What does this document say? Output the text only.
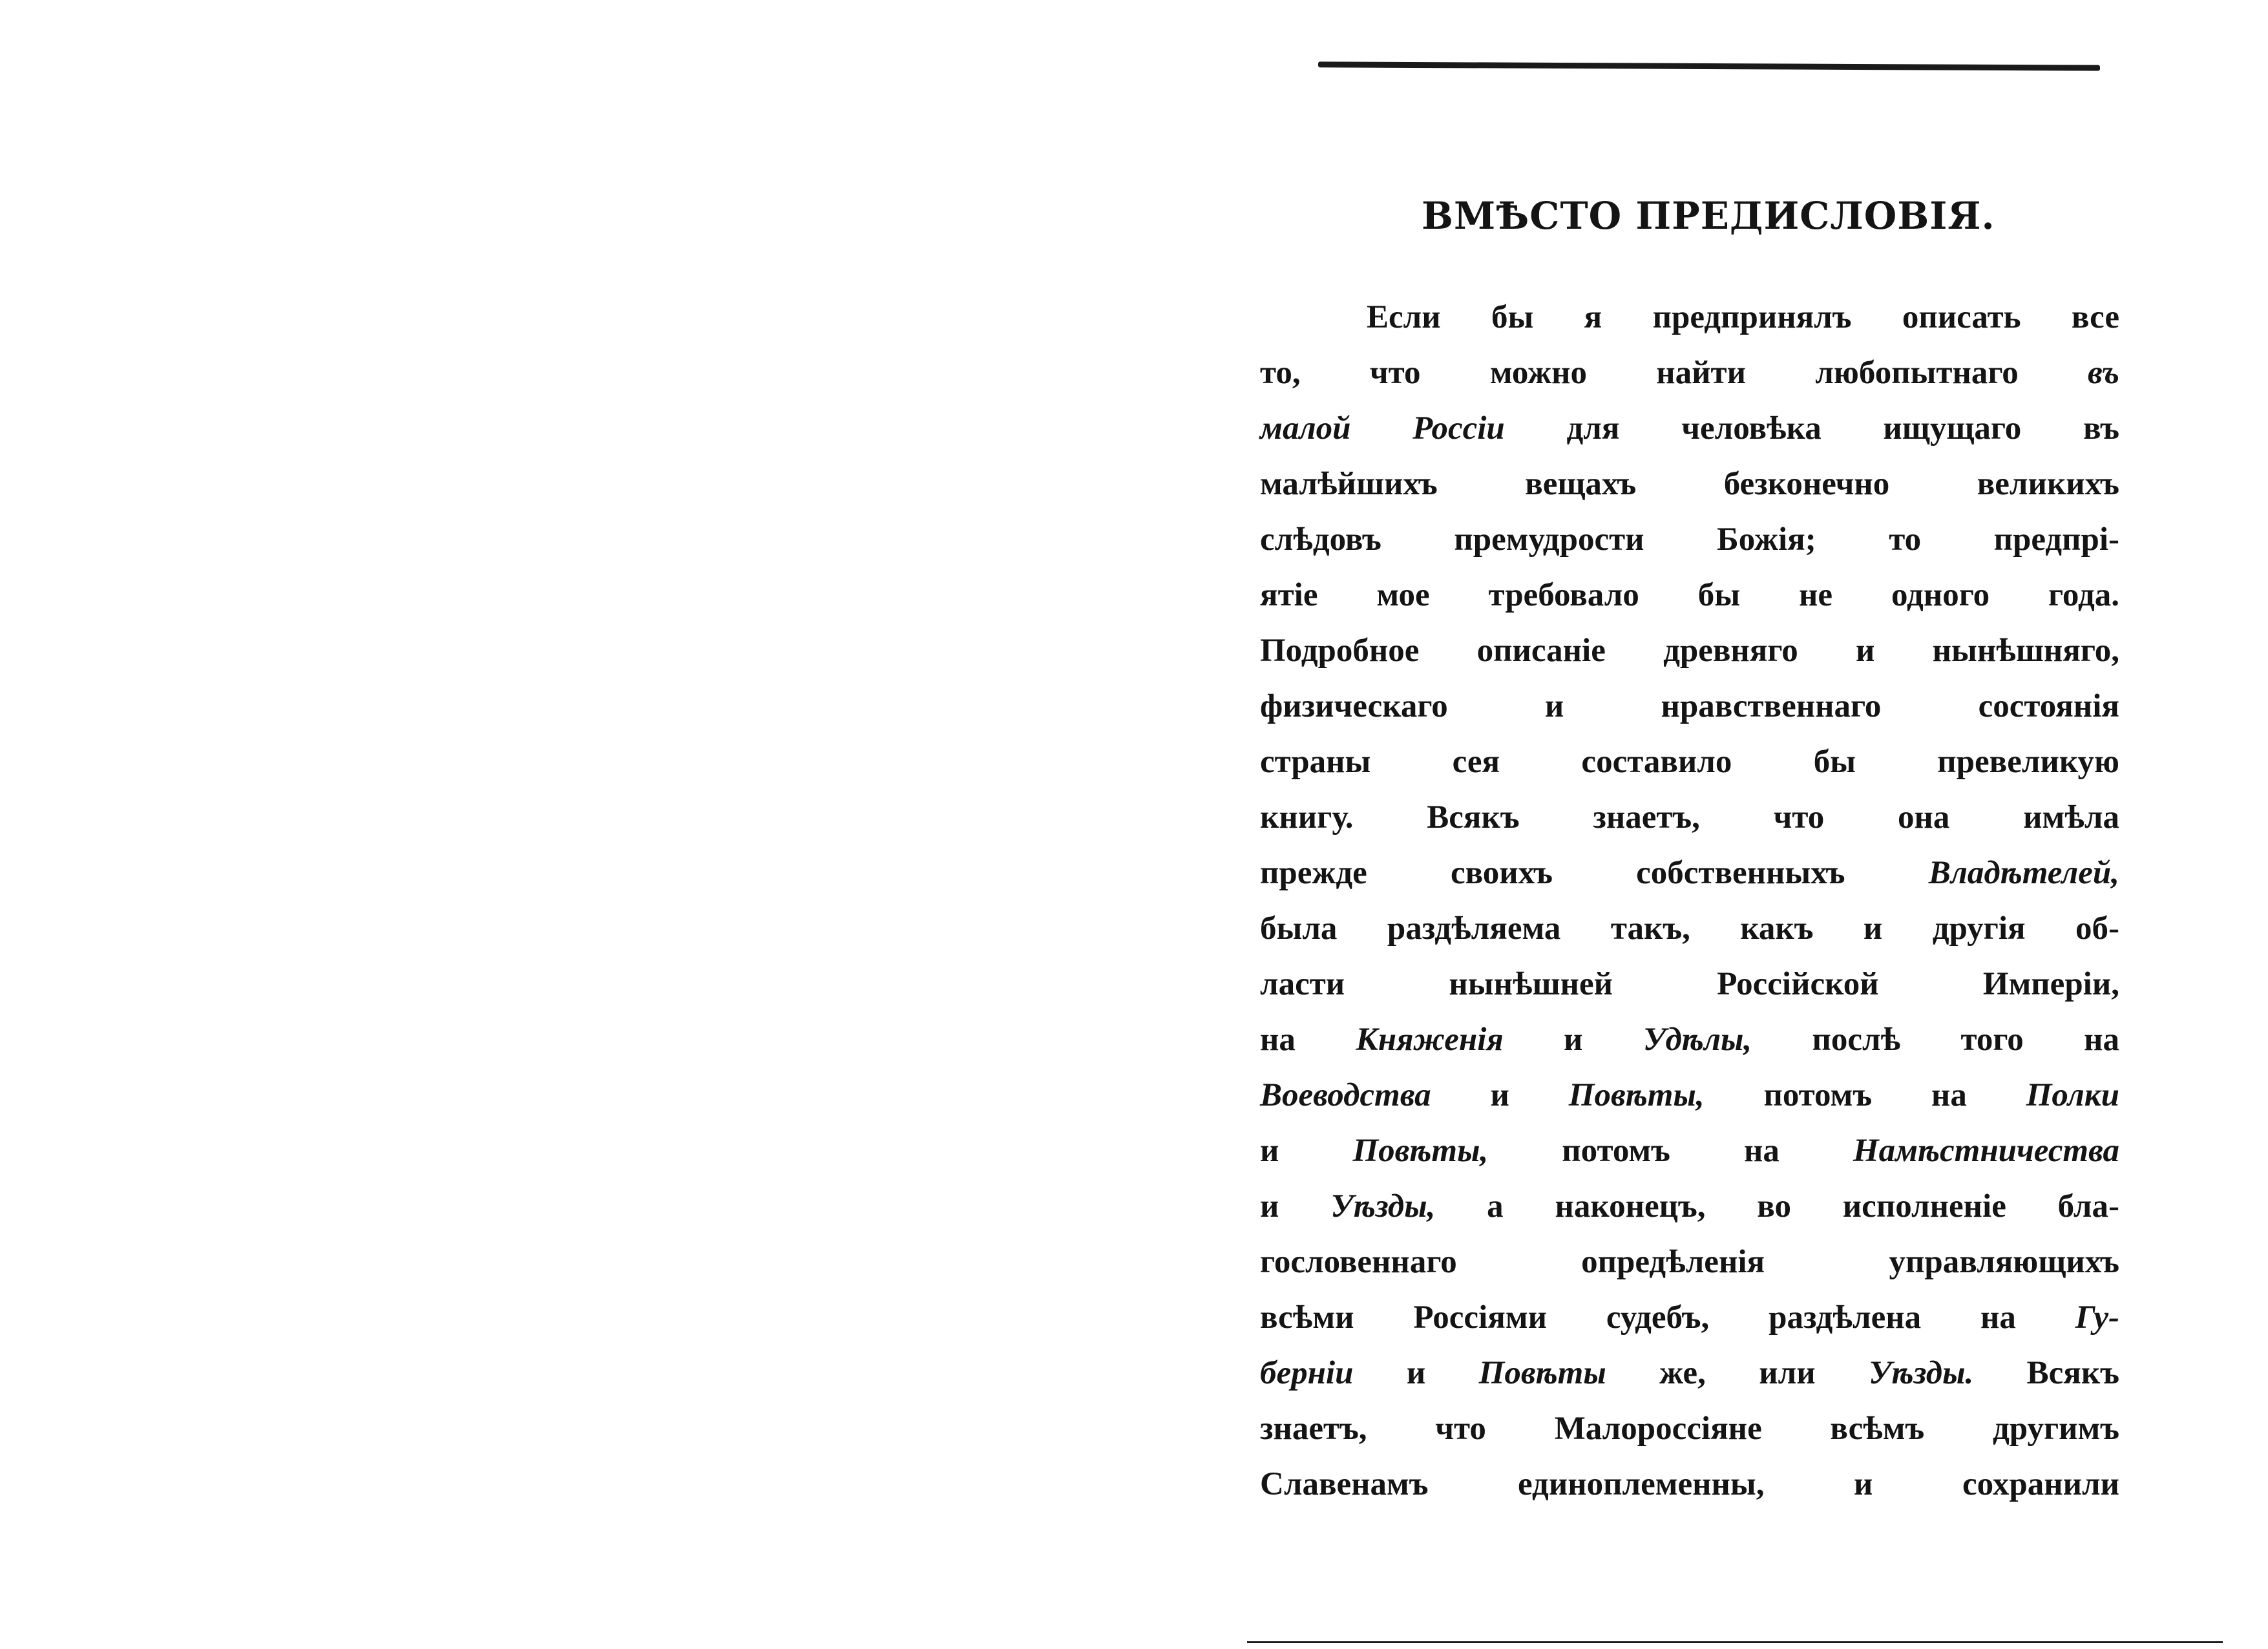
ВМѢСТО ПРЕДИСЛОВІЯ.
Если бы я предпринялъ описать все
то, что можно найти любопытнаго въ
малой Россіи для человѣка ищущаго въ
малѣйшихъ вещахъ безконечно великихъ
слѣдовъ премудрости Божія; то предпрі-
ятіе мое требовало бы не одного года.
Подробное описаніе древняго и нынѣшняго,
физическаго и нравственнаго состоянія
страны сея составило бы превеликую
книгу. Всякъ знаетъ, что она имѣла
прежде своихъ собственныхъ Владѣтелей,
была раздѣляема такъ, какъ и другія об-
ласти нынѣшней Россійской Имперіи,
на Княженія и Удѣлы, послѣ того на
Воеводства и Повѣты, потомъ на Полки
и Повѣты, потомъ на Намѣстничества
и Уѣзды, а наконецъ, во исполненіе бла-
гословеннаго опредѣленія управляющихъ
всѣми Россіями судебъ, раздѣлена на Гу-
берніи и Повѣты же, или Уѣзды. Всякъ
знаетъ, что Малороссіяне всѣмъ другимъ
Славенамъ единоплеменны, и сохранили
